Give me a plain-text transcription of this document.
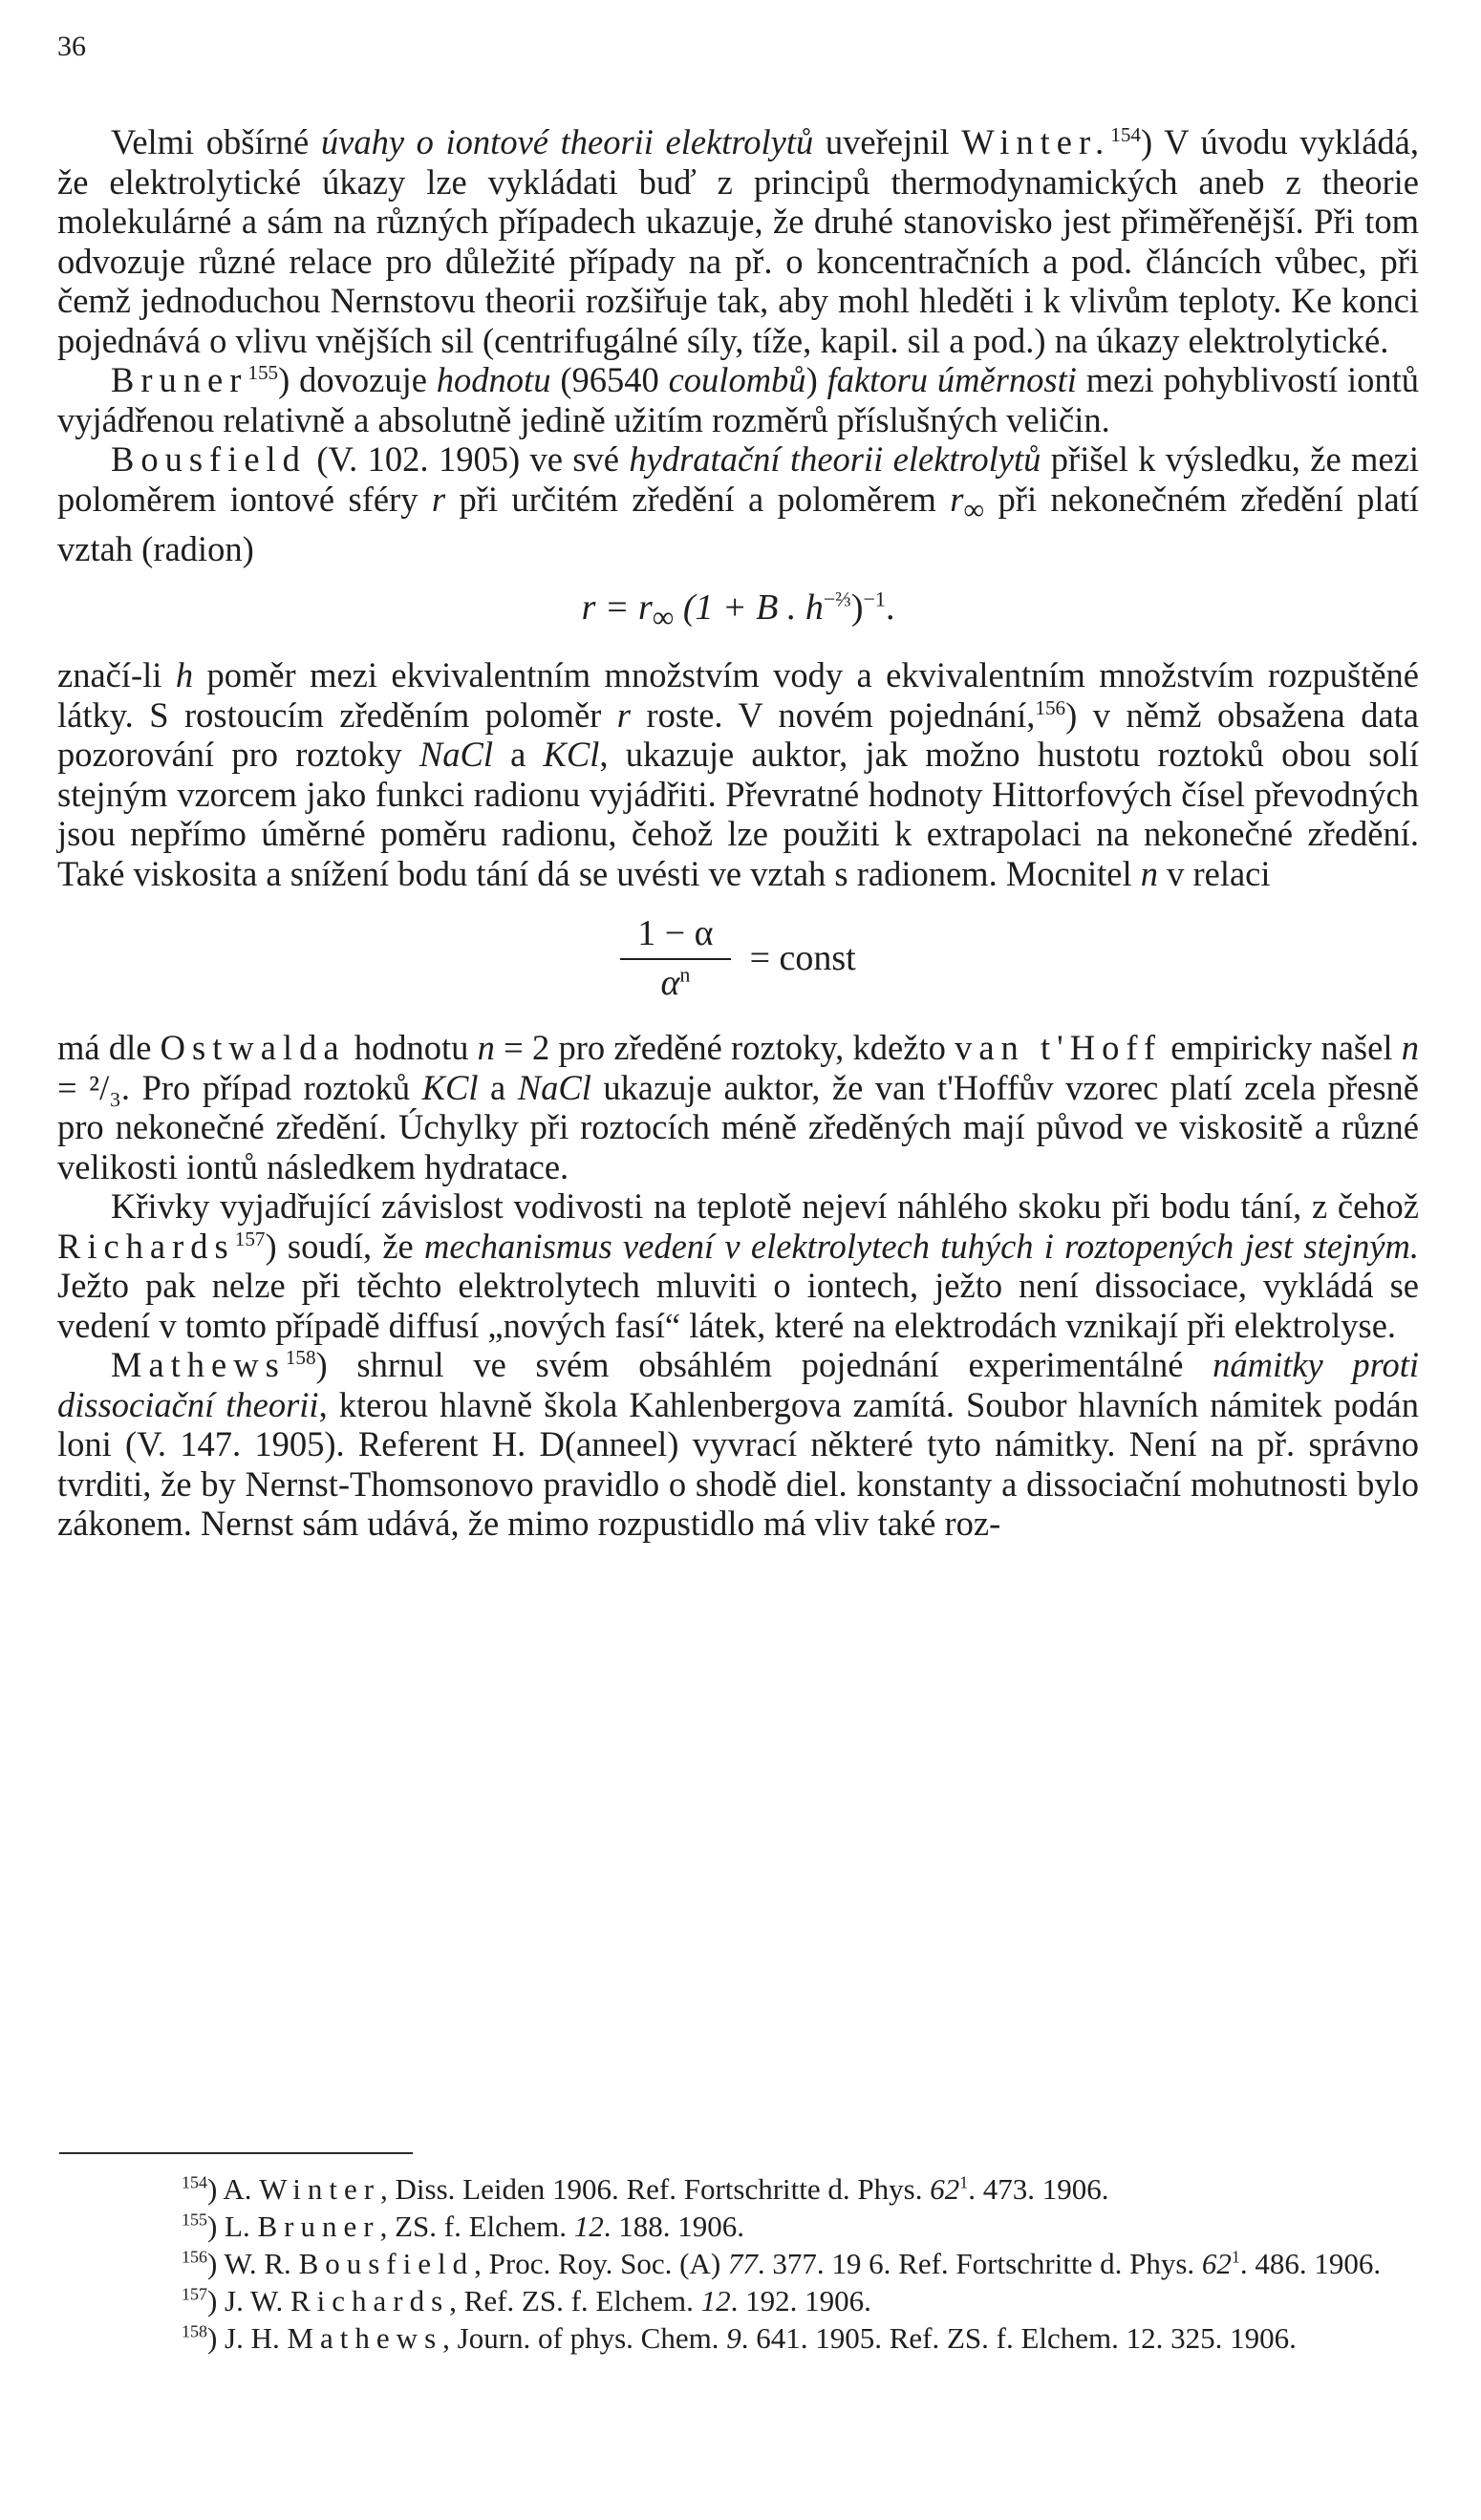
36

Velmi obšírné úvahy o iontové theorii elektrolytů uveřejnil Winter.$^{154}$) V úvodu vykládá, že elektrolytické úkazy lze vykládati buď z principů thermodynamických aneb z theorie molekulárné a sám na různých případech ukazuje, že druhé stanovisko jest přiměřenější. Při tom odvozuje různé relace pro důležité případy na př. o koncentračních a pod. článcích vůbec, při čemž jednoduchou Nernstovu theorii rozšiřuje tak, aby mohl hleděti i k vlivům teploty. Ke konci pojednává o vlivu vnějších sil (centrifugálné síly, tíže, kapil. sil a pod.) na úkazy elektrolytické.

Bruner$^{155}$) dovozuje hodnotu (96540 coulombů) faktoru úměrnosti mezi pohyblivostí iontů vyjádřenou relativně a absolutně jedině užitím rozměrů příslušných veličin.

Bousfield (V. 102. 1905) ve své hydratační theorii elektrolytů přišel k výsledku, že mezi poloměrem iontové sféry r při určitém zředění a poloměrem $r_\infty$ při nekonečném zředění platí vztah (radion)

$r = r_\infty$ (1 + B . $h^{-\frac{2}{3}})^{-1}$.

značí-li h poměr mezi ekvivalentním množstvím vody a ekvivalentním množstvím rozpuštěné látky. S rostoucím zředěním poloměr r roste. V novém pojednání,$^{156}$) v němž obsažena data pozorování pro roztoky NaCl a KCl, ukazuje auktor, jak možno hustotu roztoků obou solí stejným vzorcem jako funkci radionu vyjádřiti. Převratné hodnoty Hittorfových čísel převodných jsou nepřímo úměrné poměru radionu, čehož lze použiti k extrapolaci na nekonečné zředění. Také viskosita a snížení bodu tání dá se uvésti ve vztah s radionem. Mocnitel n v relaci

$\frac{1 - \alpha}{\alpha^n}$ = const

má dle Ostwalda hodnotu n = 2 pro zředěné roztoky, kdežto van t'Hoff empiricky našel n = ²/₃. Pro případ roztoků KCl a NaCl ukazuje auktor, že van t'Hoffův vzorec platí zcela přesně pro nekonečné zředění. Úchylky při roztocích méně zředěných mají původ ve viskositě a různé velikosti iontů následkem hydratace.

Křivky vyjadřující závislost vodivosti na teplotě nejeví náhlého skoku při bodu tání, z čehož Richards$^{157}$) soudí, že mechanismus vedení v elektrolytech tuhých i roztopených jest stejným. Ježto pak nelze při těchto elektrolytech mluviti o iontech, ježto není dissociace, vykládá se vedení v tomto případě diffusí „nových fasí“ látek, které na elektrodách vznikají při elektrolyse.

Mathews$^{158}$) shrnul ve svém obsáhlém pojednání experimentálné námitky proti dissociační theorii, kterou hlavně škola Kahlenbergova zamítá. Soubor hlavních námitek podán loni (V. 147. 1905). Referent H. D(anneel) vyvrací některé tyto námitky. Není na př. správno tvrditi, že by Nernst-Thomsonovo pravidlo o shodě diel. konstanty a dissociační mohutnosti bylo zákonem. Nernst sám udává, že mimo rozpustidlo má vliv také roz-

$^{154}$) A. Winter, Diss. Leiden 1906. Ref. Fortschritte d. Phys. $62^1$. 473. 1906.

$^{155}$) L. Bruner, ZS. f. Elchem. 12. 188. 1906.

$^{156}$) W. R. Bousfield, Proc. Roy. Soc. (A) 77. 377. 19 6. Ref. Fortschritte d. Phys. $62^1$. 486. 1906.

$^{157}$) J. W. Richards, Ref. ZS. f. Elchem. 12. 192. 1906.

$^{158}$) J. H. Mathews, Journ. of phys. Chem. 9. 641. 1905. Ref. ZS. f. Elchem. 12. 325. 1906.
